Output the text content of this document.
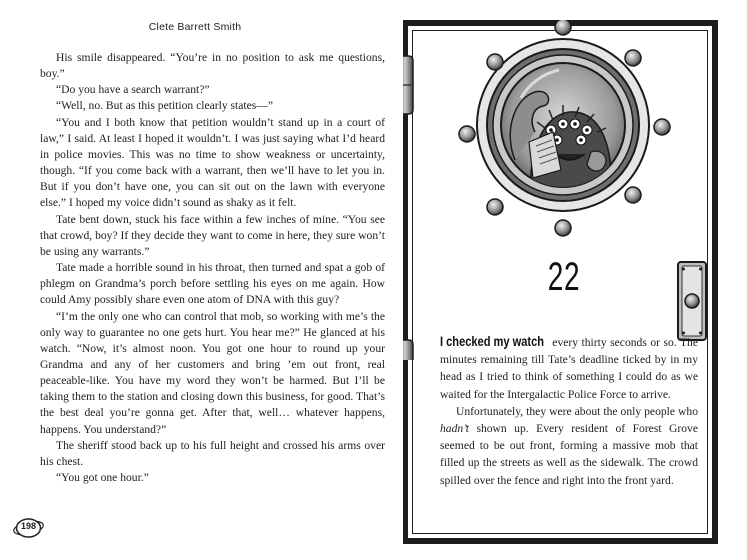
Clete Barrett Smith

His smile disappeared. “You’re in no position to ask me questions, boy.”

“Do you have a search warrant?”

“Well, no. But as this petition clearly states—”

“You and I both know that petition wouldn’t stand up in a court of law,” I said. At least I hoped it wouldn’t. I was just saying what I’d heard in police movies. This was no time to show weakness or uncertainty, though. “If you come back with a warrant, then we’ll have to let you in. But if you don’t have one, you can sit out on the lawn with everyone else.” I hoped my voice didn’t sound as shaky as it felt.

Tate bent down, stuck his face within a few inches of mine. “You see that crowd, boy? If they decide they want to come in here, they sure won’t be using any warrants.”

Tate made a horrible sound in his throat, then turned and spat a gob of phlegm on Grandma’s porch before settling his eyes on me again. How could Amy possibly share even one atom of DNA with this guy?

“I’m the only one who can control that mob, so working with me’s the only way to guarantee no one gets hurt. You hear me?” He glanced at his watch. “Now, it’s almost noon. You got one hour to round up your Grandma and any of her customers and bring ’em out front, real peaceable-like. You have my word they won’t be harmed. But I’ll be taking them to the station and closing down this business, for good. That’s the best deal you’re gonna get. After that, well… whatever happens, happens. You understand?”

The sheriff stood back up to his full height and crossed his arms over his chest.

“You got one hour.”

198
22

I checked my watch every thirty seconds or so. The minutes remaining till Tate’s deadline ticked by in my head as I tried to think of something I could do as we waited for the Intergalactic Police Force to arrive.

Unfortunately, they were about the only people who hadn’t shown up. Every resident of Forest Grove seemed to be out front, forming a massive mob that filled up the streets as well as the sidewalk. The crowd spilled over the fence and right into the front yard.
